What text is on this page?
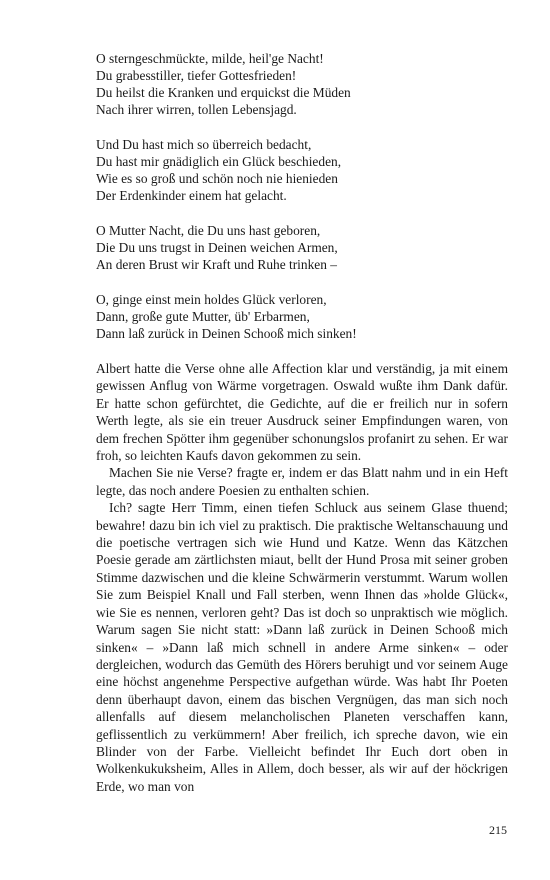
O sterngeschmückte, milde, heil'ge Nacht!
Du grabesstiller, tiefer Gottesfrieden!
Du heilst die Kranken und erquickst die Müden
Nach ihrer wirren, tollen Lebensjagd.
Und Du hast mich so überreich bedacht,
Du hast mir gnädiglich ein Glück beschieden,
Wie es so groß und schön noch nie hienieden
Der Erdenkinder einem hat gelacht.
O Mutter Nacht, die Du uns hast geboren,
Die Du uns trugst in Deinen weichen Armen,
An deren Brust wir Kraft und Ruhe trinken –
O, ginge einst mein holdes Glück verloren,
Dann, große gute Mutter, üb' Erbarmen,
Dann laß zurück in Deinen Schooß mich sinken!

Albert hatte die Verse ohne alle Affection klar und verständig, ja mit einem gewissen Anflug von Wärme vorgetragen. Oswald wußte ihm Dank dafür. Er hatte schon gefürchtet, die Gedichte, auf die er freilich nur in sofern Werth legte, als sie ein treuer Ausdruck seiner Empfindungen waren, von dem frechen Spötter ihm gegenüber schonungslos profanirt zu sehen. Er war froh, so leichten Kaufs davon gekommen zu sein.

Machen Sie nie Verse? fragte er, indem er das Blatt nahm und in ein Heft legte, das noch andere Poesien zu enthalten schien.

Ich? sagte Herr Timm, einen tiefen Schluck aus seinem Glase thuend; bewahre! dazu bin ich viel zu praktisch. Die praktische Weltanschauung und die poetische vertragen sich wie Hund und Katze. Wenn das Kätzchen Poesie gerade am zärtlichsten miaut, bellt der Hund Prosa mit seiner groben Stimme dazwischen und die kleine Schwärmerin verstummt. Warum wollen Sie zum Beispiel Knall und Fall sterben, wenn Ihnen das »holde Glück«, wie Sie es nennen, verloren geht? Das ist doch so unpraktisch wie möglich. Warum sagen Sie nicht statt: »Dann laß zurück in Deinen Schooß mich sinken« – »Dann laß mich schnell in andere Arme sinken« – oder dergleichen, wodurch das Gemüth des Hörers beruhigt und vor seinem Auge eine höchst angenehme Perspective aufgethan würde. Was habt Ihr Poeten denn überhaupt davon, einem das bischen Vergnügen, das man sich noch allenfalls auf diesem melancholischen Planeten verschaffen kann, geflissentlich zu verkümmern! Aber freilich, ich spreche davon, wie ein Blinder von der Farbe. Vielleicht befindet Ihr Euch dort oben in Wolkenkukuksheim, Alles in Allem, doch besser, als wir auf der höckrigen Erde, wo man von

215
